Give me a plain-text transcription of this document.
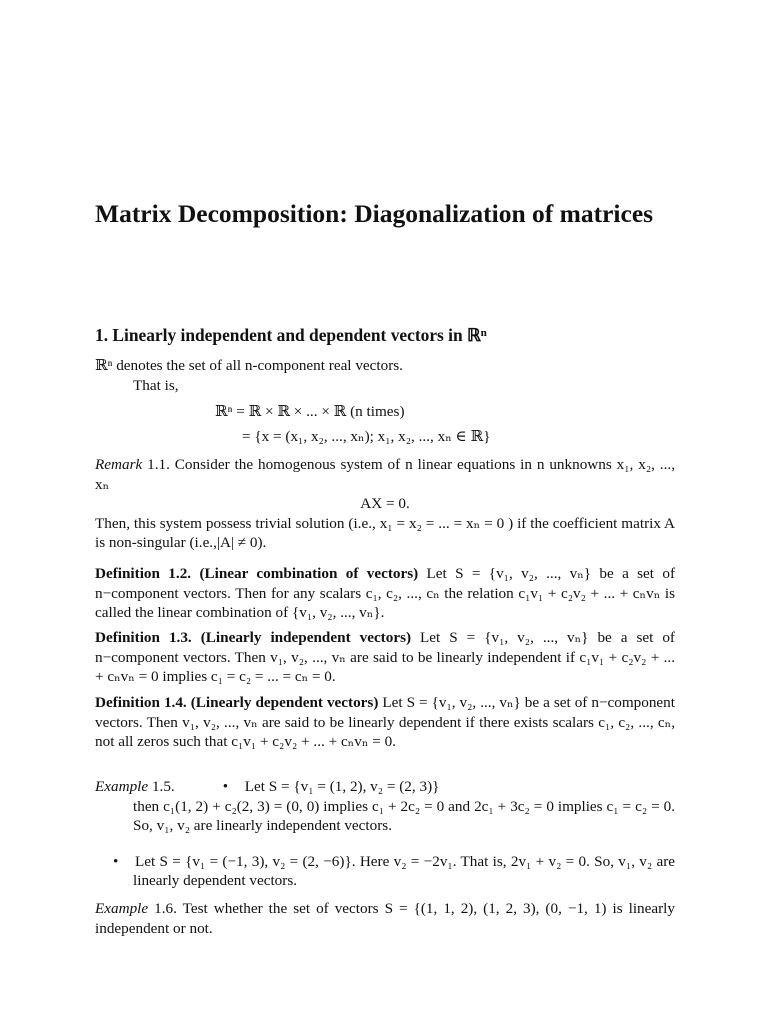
Matrix Decomposition: Diagonalization of matrices
1. Linearly independent and dependent vectors in ℝⁿ

ℝⁿ denotes the set of all n-component real vectors.

That is,

ℝⁿ = ℝ × ℝ × ... × ℝ (n times)
= {x = (x₁, x₂, ..., xₙ); x₁, x₂, ..., xₙ ∈ ℝ}

Remark 1.1. Consider the homogenous system of n linear equations in n unknowns x₁, x₂, ..., xₙ

AX = 0.

Then, this system possess trivial solution (i.e., x₁ = x₂ = ... = xₙ = 0 ) if the coefficient matrix A is non-singular (i.e.,|A| ≠ 0).

Definition 1.2. (Linear combination of vectors) Let S = {v₁, v₂, ..., vₙ} be a set of n−component vectors. Then for any scalars c₁, c₂, ..., cₙ the relation c₁v₁ + c₂v₂ + ... + cₙvₙ is called the linear combination of {v₁, v₂, ..., vₙ}.

Definition 1.3. (Linearly independent vectors) Let S = {v₁, v₂, ..., vₙ} be a set of n−component vectors. Then v₁, v₂, ..., vₙ are said to be linearly independent if c₁v₁ + c₂v₂ + ... + cₙvₙ = 0 implies c₁ = c₂ = ... = cₙ = 0.

Definition 1.4. (Linearly dependent vectors) Let S = {v₁, v₂, ..., vₙ} be a set of n−component vectors. Then v₁, v₂, ..., vₙ are said to be linearly dependent if there exists scalars c₁, c₂, ..., cₙ, not all zeros such that c₁v₁ + c₂v₂ + ... + cₙvₙ = 0.

Example 1.5.	• Let S = {v₁ = (1, 2), v₂ = (2, 3)}

then c₁(1, 2) + c₂(2, 3) = (0, 0) implies c₁ + 2c₂ = 0 and 2c₁ + 3c₂ = 0 implies c₁ = c₂ = 0. So, v₁, v₂ are linearly independent vectors.

• Let S = {v₁ = (−1, 3), v₂ = (2, −6)}. Here v₂ = −2v₁. That is, 2v₁ + v₂ = 0. So, v₁, v₂ are linearly dependent vectors.

Example 1.6. Test whether the set of vectors S = {(1, 1, 2), (1, 2, 3), (0, −1, 1) is linearly independent or not.
